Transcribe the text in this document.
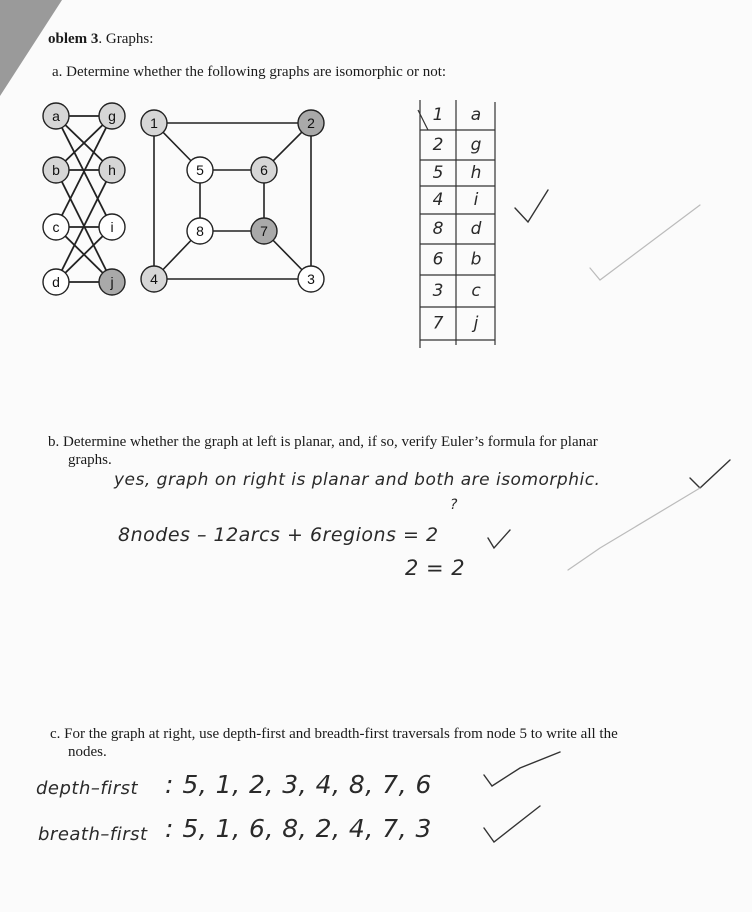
oblem 3. Graphs:
a. Determine whether the following graphs are isomorphic or not:
a	g
b	h
c	i
d	j
1	2
5	6
8	7
4	3
1 a
2 g
5 h
4 i
8 d
6 b
3 c
7 j
b. Determine whether the graph at left is planar, and, if so, verify Euler’s formula for planar
graphs.
yes, graph on right is planar and both are isomorphic.
?
8nodes – 12arcs + 6regions = 2
2 = 2
c. For the graph at right, use depth-first and breadth-first traversals from node 5 to write all the
nodes.
depth–first : 5, 1, 2, 3, 4, 8, 7, 6
breath–first : 5, 1, 6, 8, 2, 4, 7, 3
